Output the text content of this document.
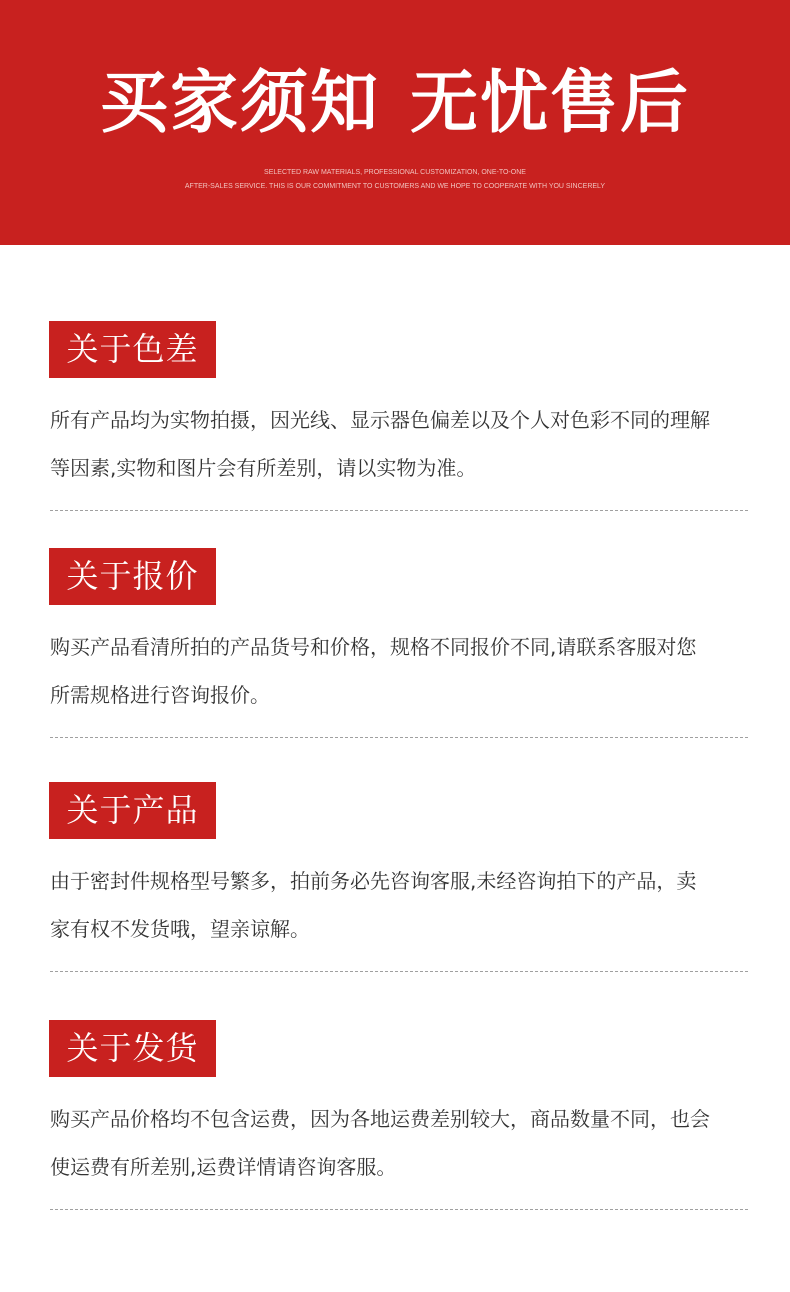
买家须知 无忧售后
SELECTED RAW MATERIALS, PROFESSIONAL CUSTOMIZATION, ONE-TO-ONE
AFTER-SALES SERVICE. THIS IS OUR COMMITMENT TO CUSTOMERS AND WE HOPE TO COOPERATE WITH YOU SINCERELY
关于色差
所有产品均为实物拍摄，因光线、显示器色偏差以及个人对色彩不同的理解
等因素,实物和图片会有所差别，请以实物为准。
关于报价
购买产品看清所拍的产品货号和价格，规格不同报价不同,请联系客服对您
所需规格进行咨询报价。
关于产品
由于密封件规格型号繁多，拍前务必先咨询客服,未经咨询拍下的产品，卖
家有权不发货哦，望亲谅解。
关于发货
购买产品价格均不包含运费，因为各地运费差别较大，商品数量不同，也会
使运费有所差别,运费详情请咨询客服。
